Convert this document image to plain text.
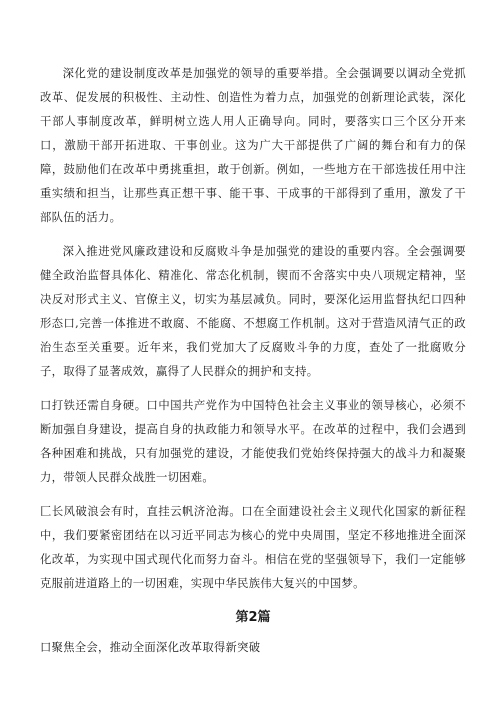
深化党的建设制度改革是加强党的领导的重要举措。全会强调要以调动全党抓改革、促发展的积极性、主动性、创造性为着力点，加强党的创新理论武装，深化干部人事制度改革，鲜明树立选人用人正确导向。同时，要落实口三个区分开来口，激励干部开拓进取、干事创业。这为广大干部提供了广阔的舞台和有力的保障，鼓励他们在改革中勇挑重担，敢于创新。例如，一些地方在干部选拔任用中注重实绩和担当，让那些真正想干事、能干事、干成事的干部得到了重用，激发了干部队伍的活力。

深入推进党风廉政建设和反腐败斗争是加强党的建设的重要内容。全会强调要健全政治监督具体化、精准化、常态化机制，锲而不舍落实中央八项规定精神，坚决反对形式主义、官僚主义，切实为基层减负。同时，要深化运用监督执纪口四种形态口,完善一体推进不敢腐、不能腐、不想腐工作机制。这对于营造风清气正的政治生态至关重要。近年来，我们党加大了反腐败斗争的力度，查处了一批腐败分子，取得了显著成效，赢得了人民群众的拥护和支持。

口打铁还需自身硬。口中国共产党作为中国特色社会主义事业的领导核心，必须不断加强自身建设，提高自身的执政能力和领导水平。在改革的过程中，我们会遇到各种困难和挑战，只有加强党的建设，才能使我们党始终保持强大的战斗力和凝聚力，带领人民群众战胜一切困难。

匚长风破浪会有时，直挂云帆济沧海。口在全面建设社会主义现代化国家的新征程中，我们要紧密团结在以习近平同志为核心的党中央周围，坚定不移地推进全面深化改革，为实现中国式现代化而努力奋斗。相信在党的坚强领导下，我们一定能够克服前进道路上的一切困难，实现中华民族伟大复兴的中国梦。

第2篇

口聚焦全会，推动全面深化改革取得新突破
